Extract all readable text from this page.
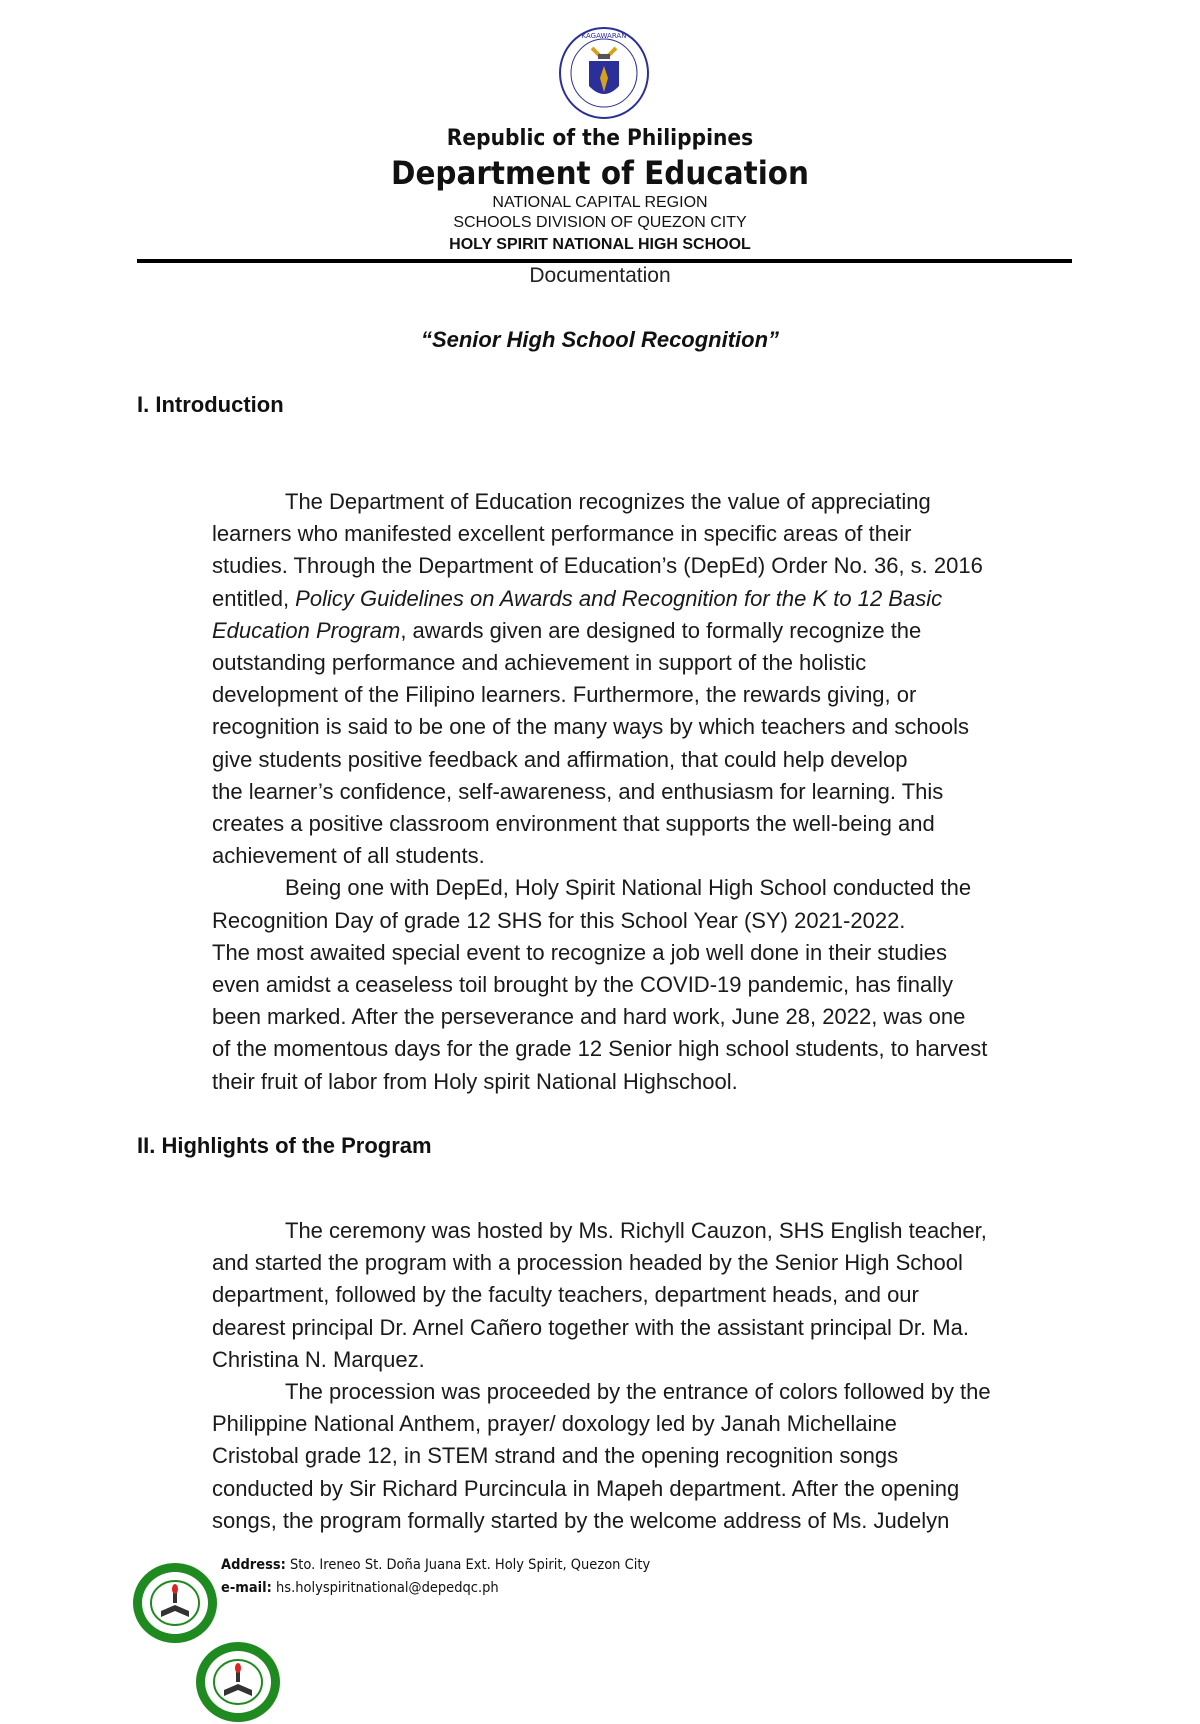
KAGAWARAN
Republic of the Philippines
Department of Education
NATIONAL CAPITAL REGION
SCHOOLS DIVISION OF QUEZON CITY
HOLY SPIRIT NATIONAL HIGH SCHOOL
Documentation
“Senior High School Recognition”
I. Introduction
The Department of Education recognizes the value of appreciating
learners who manifested excellent performance in specific areas of their
studies. Through the Department of Education’s (DepEd) Order No. 36, s. 2016
entitled, Policy Guidelines on Awards and Recognition for the K to 12 Basic
Education Program, awards given are designed to formally recognize the
outstanding performance and achievement in support of the holistic
development of the Filipino learners. Furthermore, the rewards giving, or
recognition is said to be one of the many ways by which teachers and schools
give students positive feedback and affirmation, that could help develop
the learner’s confidence, self-awareness, and enthusiasm for learning. This
creates a positive classroom environment that supports the well-being and
achievement of all students.
Being one with DepEd, Holy Spirit National High School conducted the
Recognition Day of grade 12 SHS for this School Year (SY) 2021-2022.
The most awaited special event to recognize a job well done in their studies
even amidst a ceaseless toil brought by the COVID-19 pandemic, has finally
been marked. After the perseverance and hard work, June 28, 2022, was one
of the momentous days for the grade 12 Senior high school students, to harvest
their fruit of labor from Holy spirit National Highschool.
II. Highlights of the Program
The ceremony was hosted by Ms. Richyll Cauzon, SHS English teacher,
and started the program with a procession headed by the Senior High School
department, followed by the faculty teachers, department heads, and our
dearest principal Dr. Arnel Cañero together with the assistant principal Dr. Ma.
Christina N. Marquez.
The procession was proceeded by the entrance of colors followed by the
Philippine National Anthem, prayer/ doxology led by Janah Michellaine
Cristobal grade 12, in STEM strand and the opening recognition songs
conducted by Sir Richard Purcincula in Mapeh department. After the opening
songs, the program formally started by the welcome address of Ms. Judelyn
Address: Sto. Ireneo St. Doña Juana Ext. Holy Spirit, Quezon City
e-mail: hs.holyspiritnational@depedqc.ph
